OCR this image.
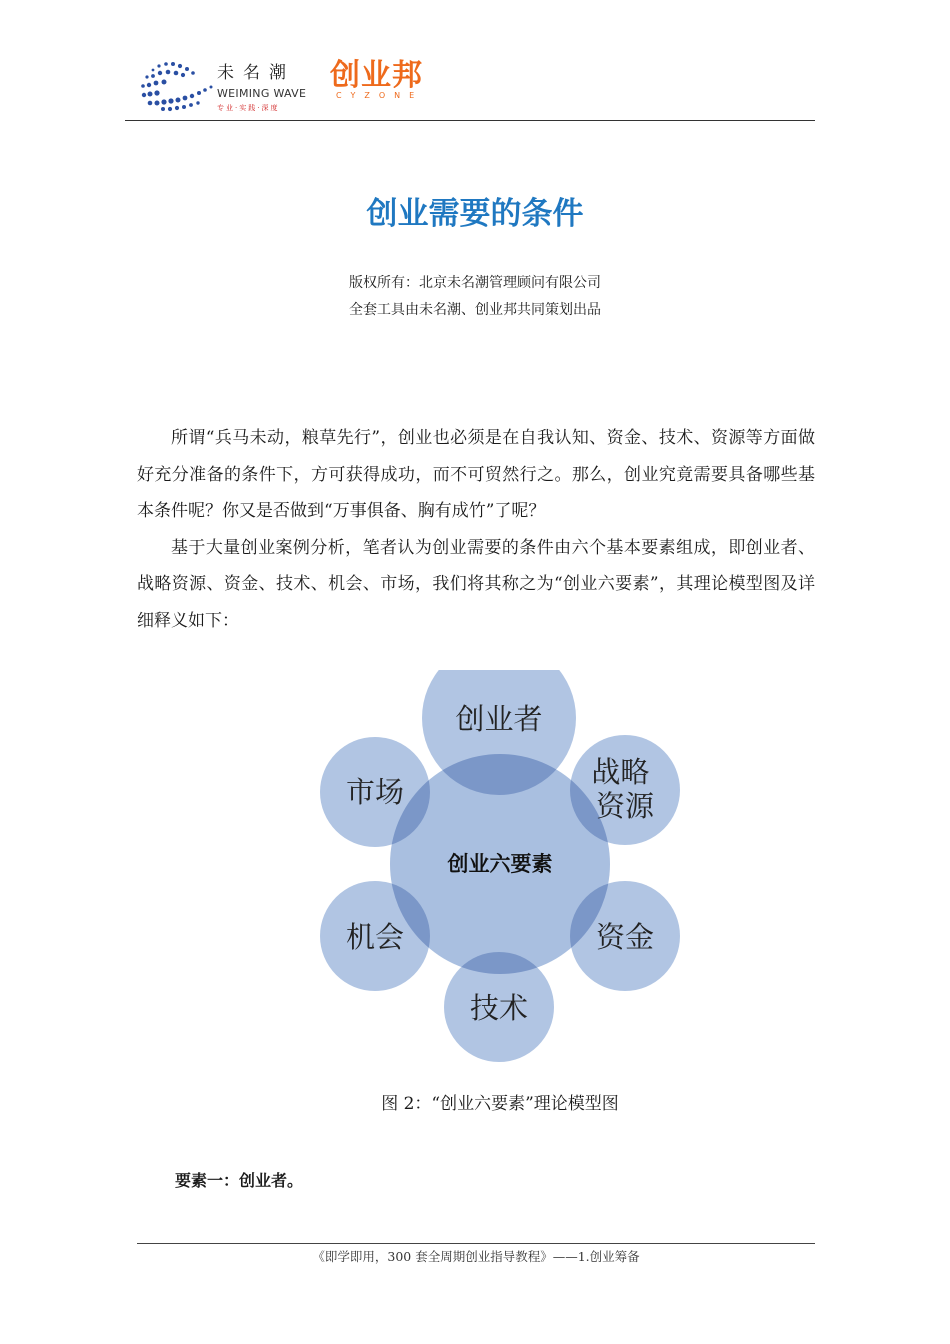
未名潮
WEIMING WAVE
专业·实践·深度
创业邦
CYZONE
创业需要的条件
版权所有：北京未名潮管理顾问有限公司
全套工具由未名潮、创业邦共同策划出品

所谓“兵马未动，粮草先行”，创业也必须是在自我认知、资金、技术、资源等方面做好充分准备的条件下，方可获得成功，而不可贸然行之。那么，创业究竟需要具备哪些基本条件呢？你又是否做到“万事俱备、胸有成竹”了呢？

基于大量创业案例分析，笔者认为创业需要的条件由六个基本要素组成，即创业者、战略资源、资金、技术、机会、市场，我们将其称之为“创业六要素”，其理论模型图及详细释义如下：

创业六要素
创业者
战略 资源
资金
技术
机会
市场
图 2：“创业六要素”理论模型图
要素一：创业者。
《即学即用，300 套全周期创业指导教程》——1.创业筹备
